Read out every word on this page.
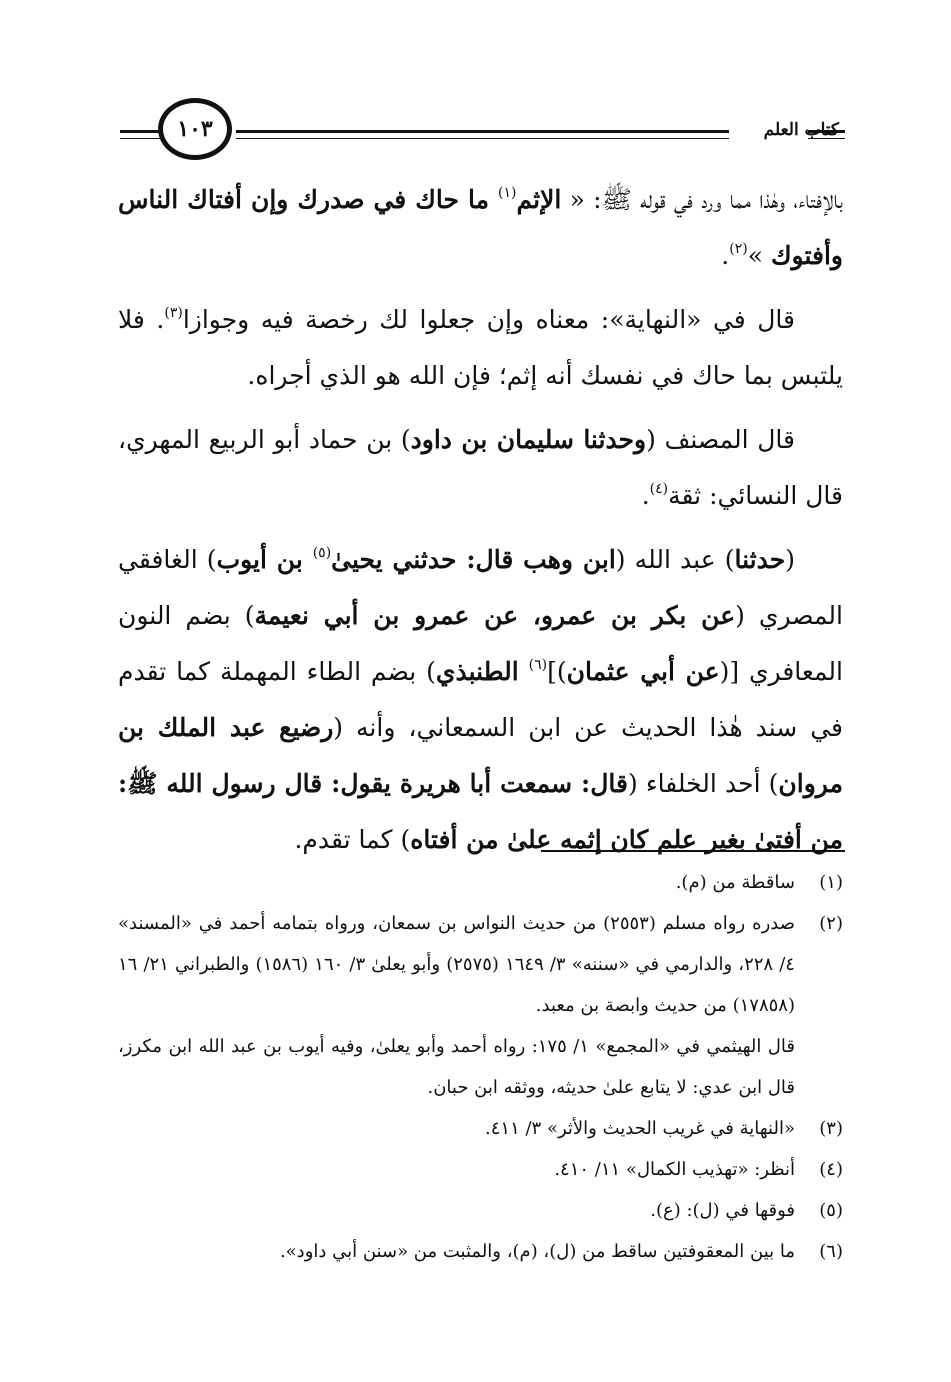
كتاب العلم
١٠٣

بالإفتاء، وهٰذا مما ورد في قوله ﷺ: « الإثم$^{(١)}$ ما حاك في صدرك وإن أفتاك الناس وأفتوك »$^{(٢)}$.

قال في «النهاية»: معناه وإن جعلوا لك رخصة فيه وجوازا$^{(٣)}$. فلا يلتبس بما حاك في نفسك أنه إثم؛ فإن الله هو الذي أجراه.

قال المصنف (وحدثنا سليمان بن داود) بن حماد أبو الربيع المهري، قال النسائي: ثقة$^{(٤)}$.

(حدثنا) عبد الله (ابن وهب قال: حدثني يحيىٰ$^{(٥)}$ بن أيوب) الغافقي المصري (عن بكر بن عمرو، عن عمرو بن أبي نعيمة) بضم النون المعافري [(عن أبي عثمان)]$^{(٦)}$ الطنبذي) بضم الطاء المهملة كما تقدم في سند هٰذا الحديث عن ابن السمعاني، وأنه (رضيع عبد الملك بن مروان) أحد الخلفاء (قال: سمعت أبا هريرة يقول: قال رسول الله ﷺ: من أفتىٰ بغير علم كان إثمه علىٰ من أفتاه) كما تقدم.

(١)
ساقطة من (م).
(٢)
صدره رواه مسلم (٢٥٥٣) من حديث النواس بن سمعان، ورواه بتمامه أحمد في «المسند» ٤/ ٢٢٨، والدارمي في «سننه» ٣/ ١٦٤٩ (٢٥٧٥) وأبو يعلىٰ ٣/ ١٦٠ (١٥٨٦) والطبراني ٢١/ ١٦ (١٧٨٥٨) من حديث وابصة بن معبد.
قال الهيثمي في «المجمع» ١/ ١٧٥: رواه أحمد وأبو يعلىٰ، وفيه أيوب بن عبد الله ابن مكرز، قال ابن عدي: لا يتابع علىٰ حديثه، ووثقه ابن حبان.
(٣)
«النهاية في غريب الحديث والأثر» ٣/ ٤١١.
(٤)
أنظر: «تهذيب الكمال» ١١/ ٤١٠.
(٥)
فوقها في (ل): (ع).
(٦)
ما بين المعقوفتين ساقط من (ل)، (م)، والمثبت من «سنن أبي داود».
